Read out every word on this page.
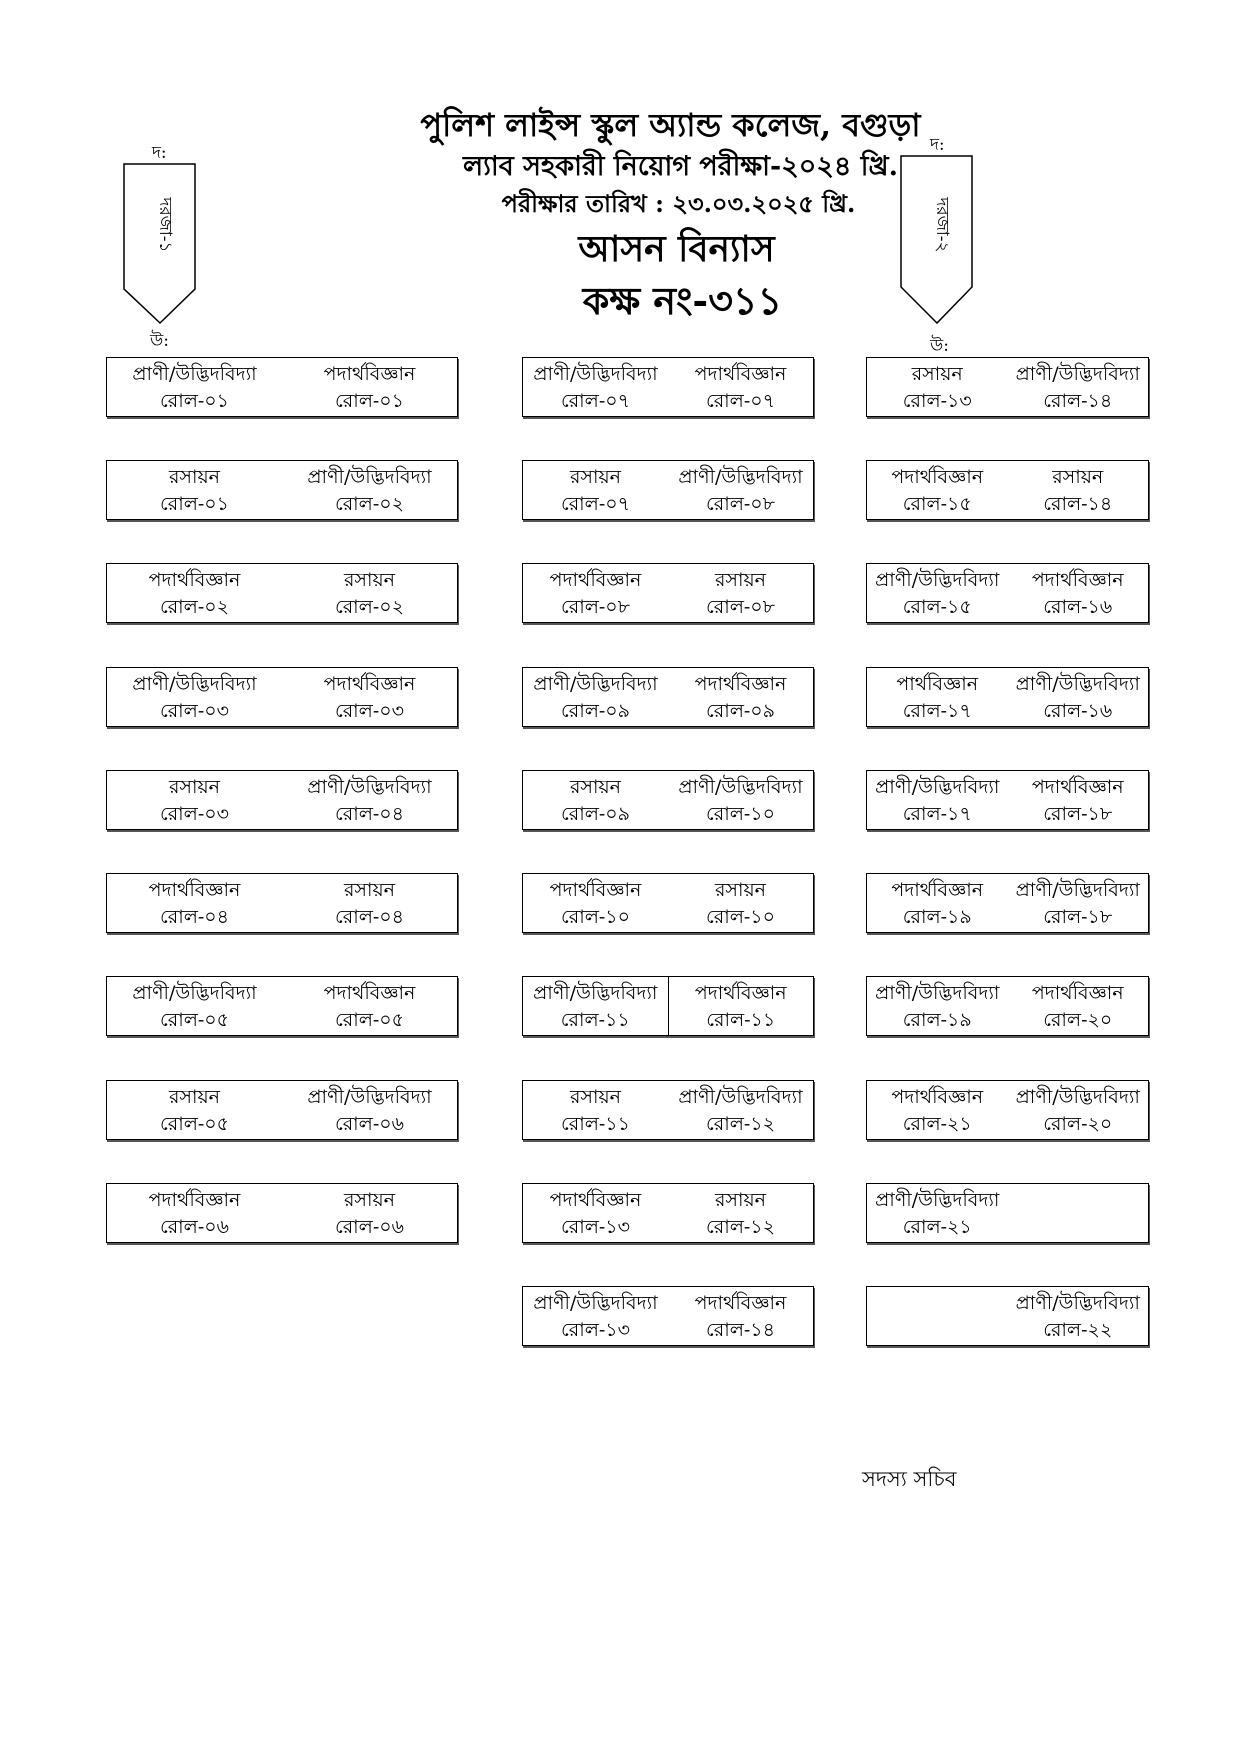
পুলিশ লাইন্স স্কুল অ্যান্ড কলেজ, বগুড়া
ল্যাব সহকারী নিয়োগ পরীক্ষা-২০২৪ খ্রি.
পরীক্ষার তারিখ : ২৩.০৩.২০২৫ খ্রি.
আসন বিন্যাস
কক্ষ নং-৩১১
দ:
দরজা-১
উ:
দ:
দরজা-২
উ:
প্রাণী/উদ্ভিদবিদ্যা
রোল-০১
পদার্থবিজ্ঞান
রোল-০১
রসায়ন
রোল-০১
প্রাণী/উদ্ভিদবিদ্যা
রোল-০২
পদার্থবিজ্ঞান
রোল-০২
রসায়ন
রোল-০২
প্রাণী/উদ্ভিদবিদ্যা
রোল-০৩
পদার্থবিজ্ঞান
রোল-০৩
রসায়ন
রোল-০৩
প্রাণী/উদ্ভিদবিদ্যা
রোল-০৪
পদার্থবিজ্ঞান
রোল-০৪
রসায়ন
রোল-০৪
প্রাণী/উদ্ভিদবিদ্যা
রোল-০৫
পদার্থবিজ্ঞান
রোল-০৫
রসায়ন
রোল-০৫
প্রাণী/উদ্ভিদবিদ্যা
রোল-০৬
পদার্থবিজ্ঞান
রোল-০৬
রসায়ন
রোল-০৬
প্রাণী/উদ্ভিদবিদ্যা
রোল-০৭
পদার্থবিজ্ঞান
রোল-০৭
রসায়ন
রোল-০৭
প্রাণী/উদ্ভিদবিদ্যা
রোল-০৮
পদার্থবিজ্ঞান
রোল-০৮
রসায়ন
রোল-০৮
প্রাণী/উদ্ভিদবিদ্যা
রোল-০৯
পদার্থবিজ্ঞান
রোল-০৯
রসায়ন
রোল-০৯
প্রাণী/উদ্ভিদবিদ্যা
রোল-১০
পদার্থবিজ্ঞান
রোল-১০
রসায়ন
রোল-১০
প্রাণী/উদ্ভিদবিদ্যা
রোল-১১
পদার্থবিজ্ঞান
রোল-১১
রসায়ন
রোল-১১
প্রাণী/উদ্ভিদবিদ্যা
রোল-১২
পদার্থবিজ্ঞান
রোল-১৩
রসায়ন
রোল-১২
প্রাণী/উদ্ভিদবিদ্যা
রোল-১৩
পদার্থবিজ্ঞান
রোল-১৪
রসায়ন
রোল-১৩
প্রাণী/উদ্ভিদবিদ্যা
রোল-১৪
পদার্থবিজ্ঞান
রোল-১৫
রসায়ন
রোল-১৪
প্রাণী/উদ্ভিদবিদ্যা
রোল-১৫
পদার্থবিজ্ঞান
রোল-১৬
পার্থবিজ্ঞান
রোল-১৭
প্রাণী/উদ্ভিদবিদ্যা
রোল-১৬
প্রাণী/উদ্ভিদবিদ্যা
রোল-১৭
পদার্থবিজ্ঞান
রোল-১৮
পদার্থবিজ্ঞান
রোল-১৯
প্রাণী/উদ্ভিদবিদ্যা
রোল-১৮
প্রাণী/উদ্ভিদবিদ্যা
রোল-১৯
পদার্থবিজ্ঞান
রোল-২০
পদার্থবিজ্ঞান
রোল-২১
প্রাণী/উদ্ভিদবিদ্যা
রোল-২০
প্রাণী/উদ্ভিদবিদ্যা
রোল-২১
প্রাণী/উদ্ভিদবিদ্যা
রোল-২২
সদস্য সচিব
